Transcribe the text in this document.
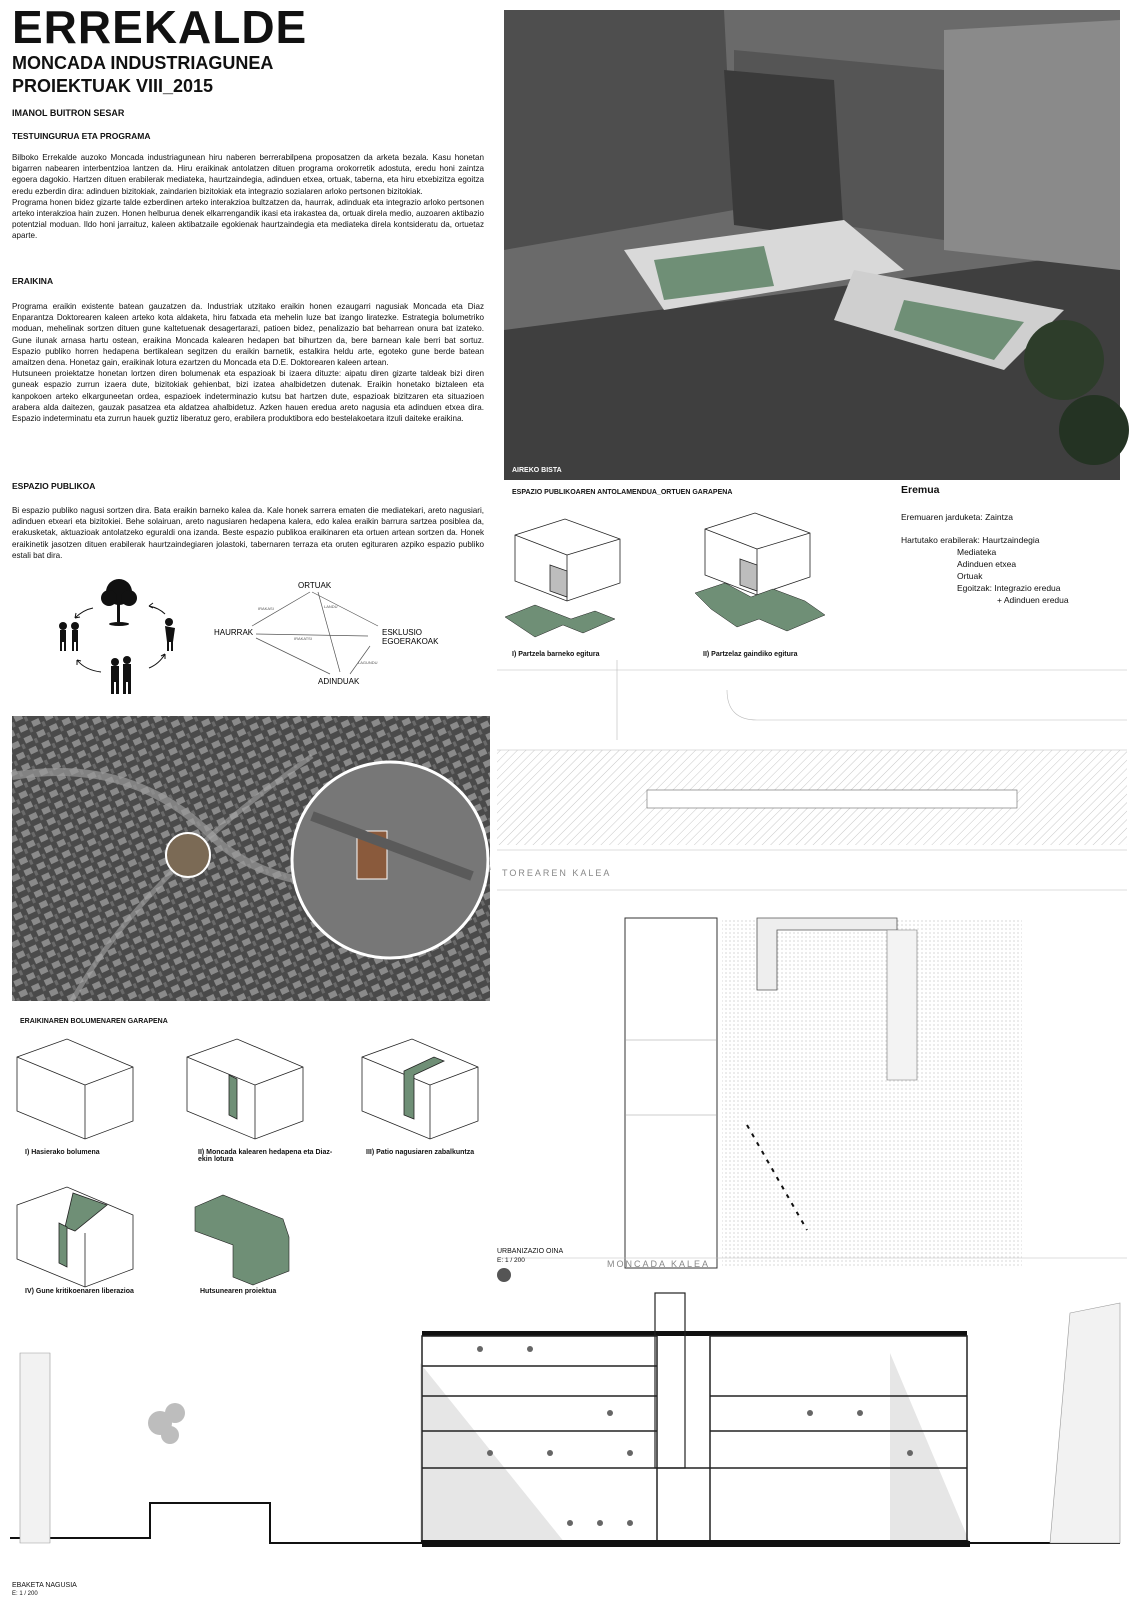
ERREKALDE
MONCADA INDUSTRIAGUNEA
PROIEKTUAK VIII_2015
IMANOL BUITRON SESAR
TESTUINGURUA ETA PROGRAMA

Bilboko Errekalde auzoko Moncada industriagunean hiru naberen berrerabilpena proposatzen da arketa bezala. Kasu honetan bigarren nabearen interbentzioa lantzen da. Hiru eraikinak antolatzen dituen programa orokorretik adostuta, eredu honi zaintza egoera dagokio. Hartzen dituen erabilerak mediateka, haurtzaindegia, adinduen etxea, ortuak, taberna, eta hiru etxebizitza egoitza eredu ezberdin dira: adinduen bizitokiak, zaindarien bizitokiak eta integrazio sozialaren arloko pertsonen bizitokiak.

Programa honen bidez gizarte talde ezberdinen arteko interakzioa bultzatzen da, haurrak, adinduak eta integrazio arloko pertsonen arteko interakzioa hain zuzen. Honen helburua denek elkarrengandik ikasi eta irakastea da, ortuak direla medio, auzoaren aktibazio potentzial moduan. Ildo honi jarraituz, kaleen aktibatzaile egokienak haurtzaindegia eta mediateka direla kontsideratu da, ortuetaz aparte.

ERAIKINA

Programa eraikin existente batean gauzatzen da. Industriak utzitako eraikin honen ezaugarri nagusiak Moncada eta Diaz Enparantza Doktorearen kaleen arteko kota aldaketa, hiru fatxada eta mehelin luze bat izango liratezke. Estrategia bolumetriko moduan, mehelinak sortzen dituen gune kaltetuenak desagertarazi, patioen bidez, penalizazio bat beharrean onura bat izateko. Gune ilunak arnasa hartu ostean, eraikina Moncada kalearen hedapen bat bihurtzen da, bere barnean kale berri bat sortuz. Espazio publiko horren hedapena bertikalean segitzen du eraikin barnetik, estalkira heldu arte, egoteko gune berde batean amaitzen dena. Honetaz gain, eraikinak lotura ezartzen du Moncada eta D.E. Doktorearen kaleen artean.

Hutsuneen proiektatze honetan lortzen diren bolumenak eta espazioak bi izaera dituzte: aipatu diren gizarte taldeak bizi diren guneak espazio zurrun izaera dute, bizitokiak gehienbat, bizi izatea ahalbidetzen dutenak. Eraikin honetako biztaleen eta kanpokoen arteko elkarguneetan ordea, espazioek indeterminazio kutsu bat hartzen dute, espazioak bizitzaren eta situazioen arabera alda daitezen, gauzak pasatzea eta aldatzea ahalbidetuz. Azken hauen eredua areto nagusia eta adinduen etxea dira. Espazio indeterminatu eta zurrun hauek guztiz liberatuz gero, erabilera produktibora edo bestelakoetara itzuli daiteke eraikina.

ESPAZIO PUBLIKOA

Bi espazio publiko nagusi sortzen dira. Bata eraikin barneko kalea da. Kale honek sarrera ematen die mediatekari, areto nagusiari, adinduen etxeari eta bizitokiei. Behe solairuan, areto nagusiaren hedapena kalera, edo kalea eraikin barrura sartzea posiblea da, erakusketak, aktuazioak antolatzeko eguraldi ona izanda. Beste espazio publikoa eraikinaren eta ortuen artean sortzen da. Honek eraikinetik jasotzen dituen erabilerak haurtzaindegiaren jolastoki, tabernaren terraza eta oruten egituraren azpiko espazio publiko estali bat dira.

ORTUAK
HAURRAK	ESKLUSIO
EGOERAKOAK
ADINDUAK
IRAKASI	LANDU
IRAKATSI
LAGUNDU
AIREKO BISTA
ESPAZIO PUBLIKOAREN ANTOLAMENDUA_ORTUEN GARAPENA
I) Partzela barneko egitura	II) Partzelaz gaindiko egitura
Eremua
Eremuaren jarduketa: Zaintza
Hartutako erabilerak: Haurtzaindegia
Mediateka
Adinduen etxea
Ortuak
Egoitzak: Integrazio eredua
+ Adinduen eredua
ERAIKINAREN BOLUMENAREN GARAPENA
I) Hasierako bolumena	II) Moncada kalearen hedapena eta Diaz-ekin lotura
III) Patio nagusiaren zabalkuntza
IV) Gune kritikoenaren liberazioa	Hutsunearen proiektua
TOREAREN KALEA
MONCADA KALEA
URBANIZAZIO OINA
E: 1 / 200
EBAKETA NAGUSIA
E: 1 / 200
